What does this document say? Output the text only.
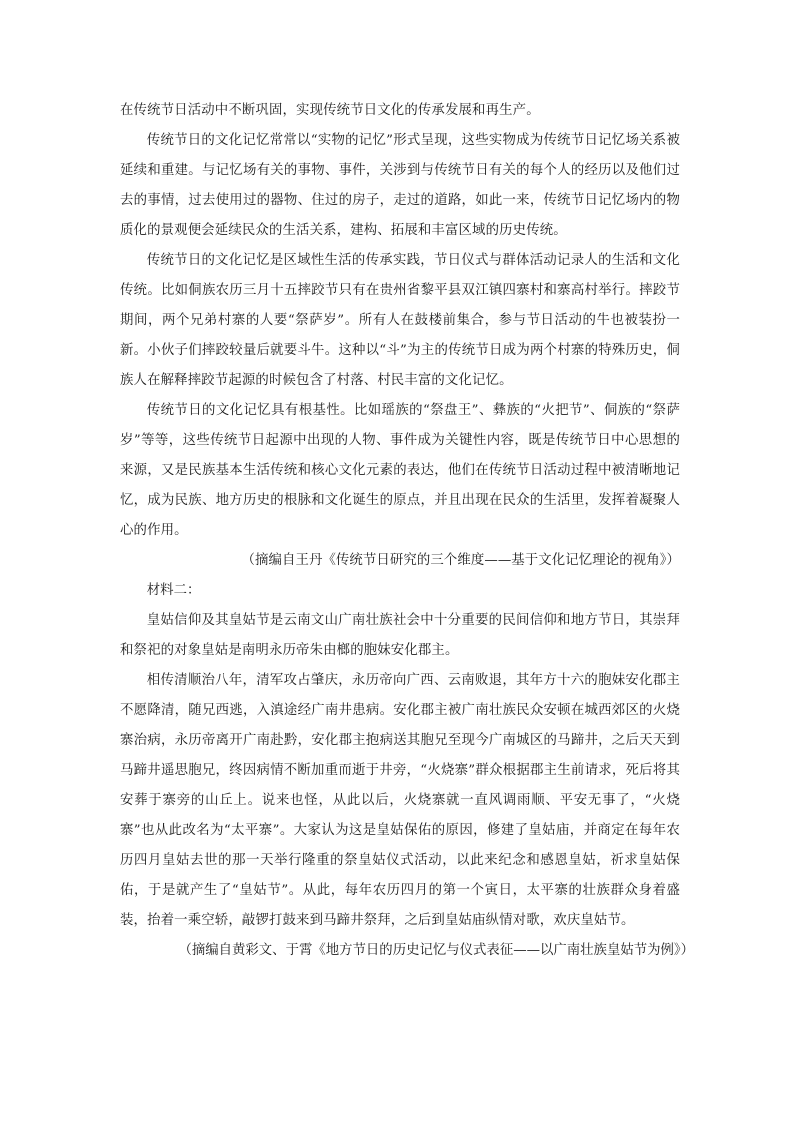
在传统节日活动中不断巩固，实现传统节日文化的传承发展和再生产。

传统节日的文化记忆常常以“实物的记忆”形式呈现，这些实物成为传统节日记忆场关系被延续和重建。与记忆场有关的事物、事件，关涉到与传统节日有关的每个人的经历以及他们过去的事情，过去使用过的器物、住过的房子，走过的道路，如此一来，传统节日记忆场内的物质化的景观便会延续民众的生活关系，建构、拓展和丰富区域的历史传统。

传统节日的文化记忆是区域性生活的传承实践，节日仪式与群体活动记录人的生活和文化传统。比如侗族农历三月十五摔跤节只有在贵州省黎平县双江镇四寨村和寨高村举行。摔跤节期间，两个兄弟村寨的人要“祭萨岁”。所有人在鼓楼前集合，参与节日活动的牛也被装扮一新。小伙子们摔跤较量后就要斗牛。这种以“斗”为主的传统节日成为两个村寨的特殊历史，侗族人在解释摔跤节起源的时候包含了村落、村民丰富的文化记忆。

传统节日的文化记忆具有根基性。比如瑶族的“祭盘王”、彝族的“火把节”、侗族的“祭萨岁”等等，这些传统节日起源中出现的人物、事件成为关键性内容，既是传统节日中心思想的来源，又是民族基本生活传统和核心文化元素的表达，他们在传统节日活动过程中被清晰地记忆，成为民族、地方历史的根脉和文化诞生的原点，并且出现在民众的生活里，发挥着凝聚人心的作用。

（摘编自王丹《传统节日研究的三个维度——基于文化记忆理论的视角》）

材料二：

皇姑信仰及其皇姑节是云南文山广南壮族社会中十分重要的民间信仰和地方节日，其崇拜和祭祀的对象皇姑是南明永历帝朱由榔的胞妹安化郡主。

相传清顺治八年，清军攻占肇庆，永历帝向广西、云南败退，其年方十六的胞妹安化郡主不愿降清，随兄西逃，入滇途经广南井患病。安化郡主被广南壮族民众安顿在城西郊区的火烧寨治病，永历帝离开广南赴黔，安化郡主抱病送其胞兄至现今广南城区的马蹄井，之后天天到马蹄井遥思胞兄，终因病情不断加重而逝于井旁，“火烧寨”群众根据郡主生前请求，死后将其安葬于寨旁的山丘上。说来也怪，从此以后，火烧寨就一直风调雨顺、平安无事了，“火烧寨”也从此改名为“太平寨”。大家认为这是皇姑保佑的原因，修建了皇姑庙，并商定在每年农历四月皇姑去世的那一天举行隆重的祭皇姑仪式活动，以此来纪念和感恩皇姑，祈求皇姑保佑，于是就产生了“皇姑节”。从此，每年农历四月的第一个寅日，太平寨的壮族群众身着盛装，抬着一乘空轿，敲锣打鼓来到马蹄井祭拜，之后到皇姑庙纵情对歌，欢庆皇姑节。

（摘编自黄彩文、于霄《地方节日的历史记忆与仪式表征——以广南壮族皇姑节为例》）
